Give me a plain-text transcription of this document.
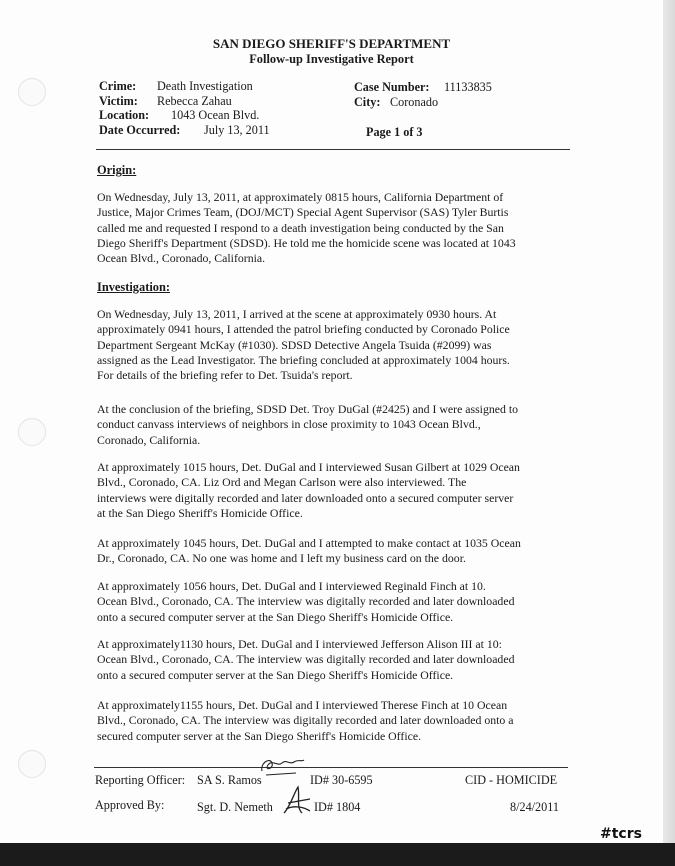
SAN DIEGO SHERIFF'S DEPARTMENT
Follow-up Investigative Report
Crime: Death Investigation
Victim: Rebecca Zahau
Location: 1043 Ocean Blvd.
Date Occurred: July 13, 2011
Case Number: 11133835
City: Coronado
Page 1 of 3
Origin:

On Wednesday, July 13, 2011, at approximately 0815 hours, California Department of

Justice, Major Crimes Team, (DOJ/MCT) Special Agent Supervisor (SAS) Tyler Burtis

called me and requested I respond to a death investigation being conducted by the San

Diego Sheriff's Department (SDSD). He told me the homicide scene was located at 1043

Ocean Blvd., Coronado, California.

Investigation:

On Wednesday, July 13, 2011, I arrived at the scene at approximately 0930 hours. At

approximately 0941 hours, I attended the patrol briefing conducted by Coronado Police

Department Sergeant McKay (#1030). SDSD Detective Angela Tsuida (#2099) was

assigned as the Lead Investigator. The briefing concluded at approximately 1004 hours.

For details of the briefing refer to Det. Tsuida's report.

At the conclusion of the briefing, SDSD Det. Troy DuGal (#2425) and I were assigned to

conduct canvass interviews of neighbors in close proximity to 1043 Ocean Blvd.,

Coronado, California.

At approximately 1015 hours, Det. DuGal and I interviewed Susan Gilbert at 1029 Ocean

Blvd., Coronado, CA. Liz Ord and Megan Carlson were also interviewed. The

interviews were digitally recorded and later downloaded onto a secured computer server

at the San Diego Sheriff's Homicide Office.

At approximately 1045 hours, Det. DuGal and I attempted to make contact at 1035 Ocean

Dr., Coronado, CA. No one was home and I left my business card on the door.

At approximately 1056 hours, Det. DuGal and I interviewed Reginald Finch at 10.

Ocean Blvd., Coronado, CA. The interview was digitally recorded and later downloaded

onto a secured computer server at the San Diego Sheriff's Homicide Office.

At approximately1130 hours, Det. DuGal and I interviewed Jefferson Alison III at 10:

Ocean Blvd., Coronado, CA. The interview was digitally recorded and later downloaded

onto a secured computer server at the San Diego Sheriff's Homicide Office.

At approximately1155 hours, Det. DuGal and I interviewed Therese Finch at 10 Ocean

Blvd., Coronado, CA. The interview was digitally recorded and later downloaded onto a

secured computer server at the San Diego Sheriff's Homicide Office.

Reporting Officer: SA S. Ramos	ID# 30-6595	CID - HOMICIDE
Approved By:	Sgt. D. Nemeth	ID# 1804	8/24/2011
#tcrs
